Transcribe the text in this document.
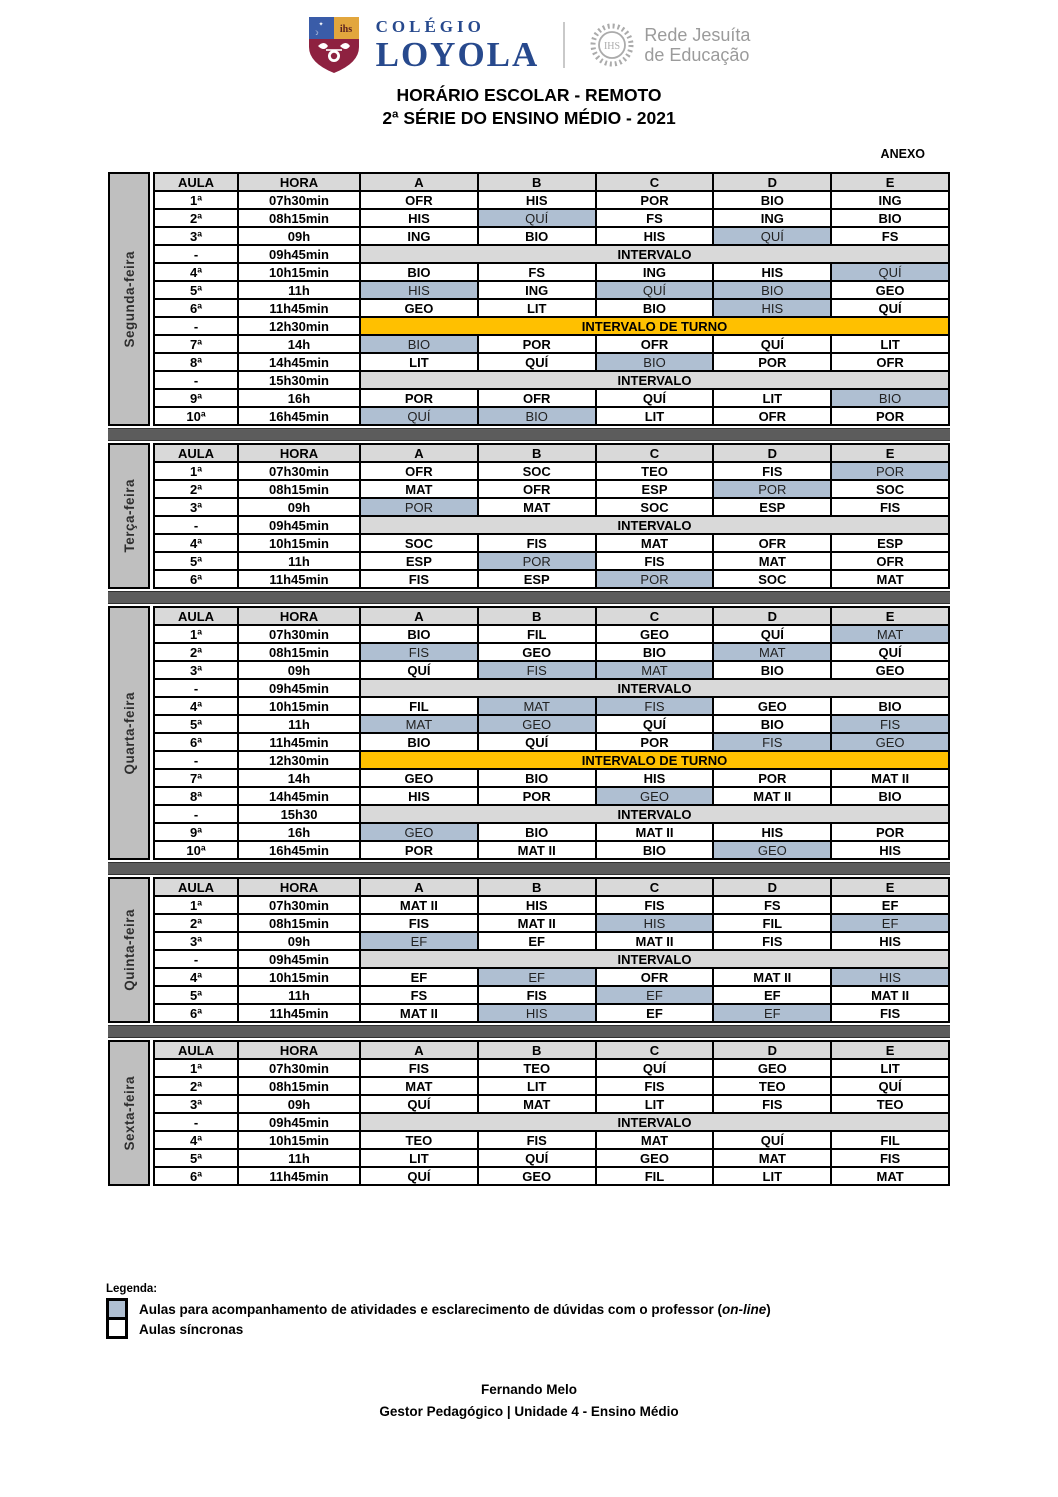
✦
☽ ihs COLÉGIO
LOYOLA	IHS
Rede Jesuíta
de Educação
HORÁRIO ESCOLAR - REMOTO
2ª SÉRIE DO ENSINO MÉDIO - 2021
ANEXO
Segunda-feira
AULA	HORA	A	B	C	D	E
1ª	07h30min	OFR	HIS	POR	BIO	ING
2ª	08h15min	HIS	QUÍ	FS	ING	BIO
3ª	09h	ING	BIO	HIS	QUÍ	FS
-	09h45min	INTERVALO				
4ª	10h15min	BIO	FS	ING	HIS	QUÍ
5ª	11h	HIS	ING	QUÍ	BIO	GEO
6ª	11h45min	GEO	LIT	BIO	HIS	QUÍ
-	12h30min	INTERVALO DE TURNO				
7ª	14h	BIO	POR	OFR	QUÍ	LIT
8ª	14h45min	LIT	QUÍ	BIO	POR	OFR
-	15h30min	INTERVALO				
9ª	16h	POR	OFR	QUÍ	LIT	BIO
10ª	16h45min	QUÍ	BIO	LIT	OFR	POR
Terça-feira
AULA	HORA	A	B	C	D	E
1ª	07h30min	OFR	SOC	TEO	FIS	POR
2ª	08h15min	MAT	OFR	ESP	POR	SOC
3ª	09h	POR	MAT	SOC	ESP	FIS
-	09h45min	INTERVALO				
4ª	10h15min	SOC	FIS	MAT	OFR	ESP
5ª	11h	ESP	POR	FIS	MAT	OFR
6ª	11h45min	FIS	ESP	POR	SOC	MAT
Quarta-feira
AULA	HORA	A	B	C	D	E
1ª	07h30min	BIO	FIL	GEO	QUÍ	MAT
2ª	08h15min	FIS	GEO	BIO	MAT	QUÍ
3ª	09h	QUÍ	FIS	MAT	BIO	GEO
-	09h45min	INTERVALO				
4ª	10h15min	FIL	MAT	FIS	GEO	BIO
5ª	11h	MAT	GEO	QUÍ	BIO	FIS
6ª	11h45min	BIO	QUÍ	POR	FIS	GEO
-	12h30min	INTERVALO DE TURNO				
7ª	14h	GEO	BIO	HIS	POR	MAT II
8ª	14h45min	HIS	POR	GEO	MAT II	BIO
-	15h30	INTERVALO				
9ª	16h	GEO	BIO	MAT II	HIS	POR
10ª	16h45min	POR	MAT II	BIO	GEO	HIS
Quinta-feira
AULA	HORA	A	B	C	D	E
1ª	07h30min	MAT II	HIS	FIS	FS	EF
2ª	08h15min	FIS	MAT II	HIS	FIL	EF
3ª	09h	EF	EF	MAT II	FIS	HIS
-	09h45min	INTERVALO				
4ª	10h15min	EF	EF	OFR	MAT II	HIS
5ª	11h	FS	FIS	EF	EF	MAT II
6ª	11h45min	MAT II	HIS	EF	EF	FIS
Sexta-feira
AULA	HORA	A	B	C	D	E
1ª	07h30min	FIS	TEO	QUÍ	GEO	LIT
2ª	08h15min	MAT	LIT	FIS	TEO	QUÍ
3ª	09h	QUÍ	MAT	LIT	FIS	TEO
-	09h45min	INTERVALO				
4ª	10h15min	TEO	FIS	MAT	QUÍ	FIL
5ª	11h	LIT	QUÍ	GEO	MAT	FIS
6ª	11h45min	QUÍ	GEO	FIL	LIT	MAT
Legenda:
Aulas para acompanhamento de atividades e esclarecimento de dúvidas com o professor (on-line)
Aulas síncronas
Fernando Melo
Gestor Pedagógico | Unidade 4 - Ensino Médio
